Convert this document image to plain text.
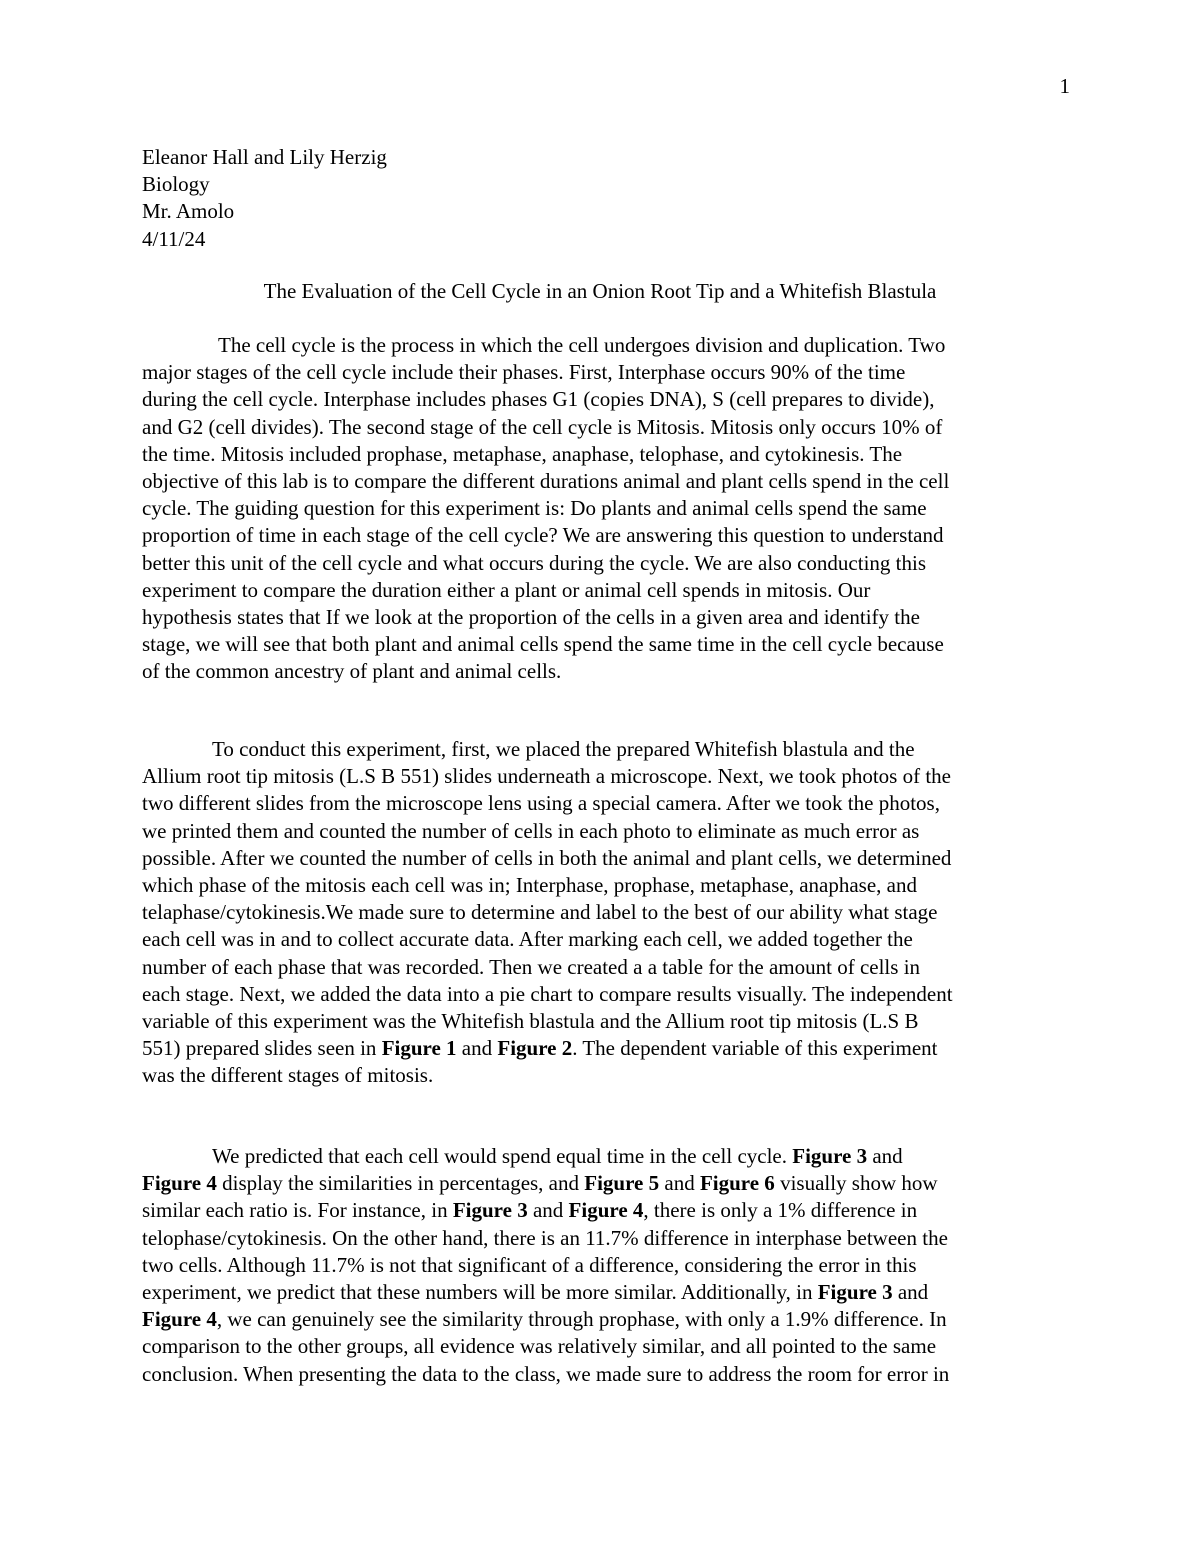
1
Eleanor Hall and Lily Herzig
Biology
Mr. Amolo
4/11/24
The Evaluation of the Cell Cycle in an Onion Root Tip and a Whitefish Blastula
The cell cycle is the process in which the cell undergoes division and duplication. Two
major stages of the cell cycle include their phases. First, Interphase occurs 90% of the time
during the cell cycle. Interphase includes phases G1 (copies DNA), S (cell prepares to divide),
and G2 (cell divides). The second stage of the cell cycle is Mitosis. Mitosis only occurs 10% of
the time. Mitosis included prophase, metaphase, anaphase, telophase, and cytokinesis. The
objective of this lab is to compare the different durations animal and plant cells spend in the cell
cycle. The guiding question for this experiment is: Do plants and animal cells spend the same
proportion of time in each stage of the cell cycle? We are answering this question to understand
better this unit of the cell cycle and what occurs during the cycle. We are also conducting this
experiment to compare the duration either a plant or animal cell spends in mitosis. Our
hypothesis states that If we look at the proportion of the cells in a given area and identify the
stage, we will see that both plant and animal cells spend the same time in the cell cycle because
of the common ancestry of plant and animal cells.
To conduct this experiment, first, we placed the prepared Whitefish blastula and the
Allium root tip mitosis (L.S B 551) slides underneath a microscope. Next, we took photos of the
two different slides from the microscope lens using a special camera. After we took the photos,
we printed them and counted the number of cells in each photo to eliminate as much error as
possible. After we counted the number of cells in both the animal and plant cells, we determined
which phase of the mitosis each cell was in; Interphase, prophase, metaphase, anaphase, and
telaphase/cytokinesis.We made sure to determine and label to the best of our ability what stage
each cell was in and to collect accurate data. After marking each cell, we added together the
number of each phase that was recorded. Then we created a a table for the amount of cells in
each stage. Next, we added the data into a pie chart to compare results visually. The independent
variable of this experiment was the Whitefish blastula and the Allium root tip mitosis (L.S B
551) prepared slides seen in Figure 1 and Figure 2. The dependent variable of this experiment
was the different stages of mitosis.
We predicted that each cell would spend equal time in the cell cycle. Figure 3 and
Figure 4 display the similarities in percentages, and Figure 5 and Figure 6 visually show how
similar each ratio is. For instance, in Figure 3 and Figure 4, there is only a 1% difference in
telophase/cytokinesis. On the other hand, there is an 11.7% difference in interphase between the
two cells. Although 11.7% is not that significant of a difference, considering the error in this
experiment, we predict that these numbers will be more similar. Additionally, in Figure 3 and
Figure 4, we can genuinely see the similarity through prophase, with only a 1.9% difference. In
comparison to the other groups, all evidence was relatively similar, and all pointed to the same
conclusion. When presenting the data to the class, we made sure to address the room for error in
